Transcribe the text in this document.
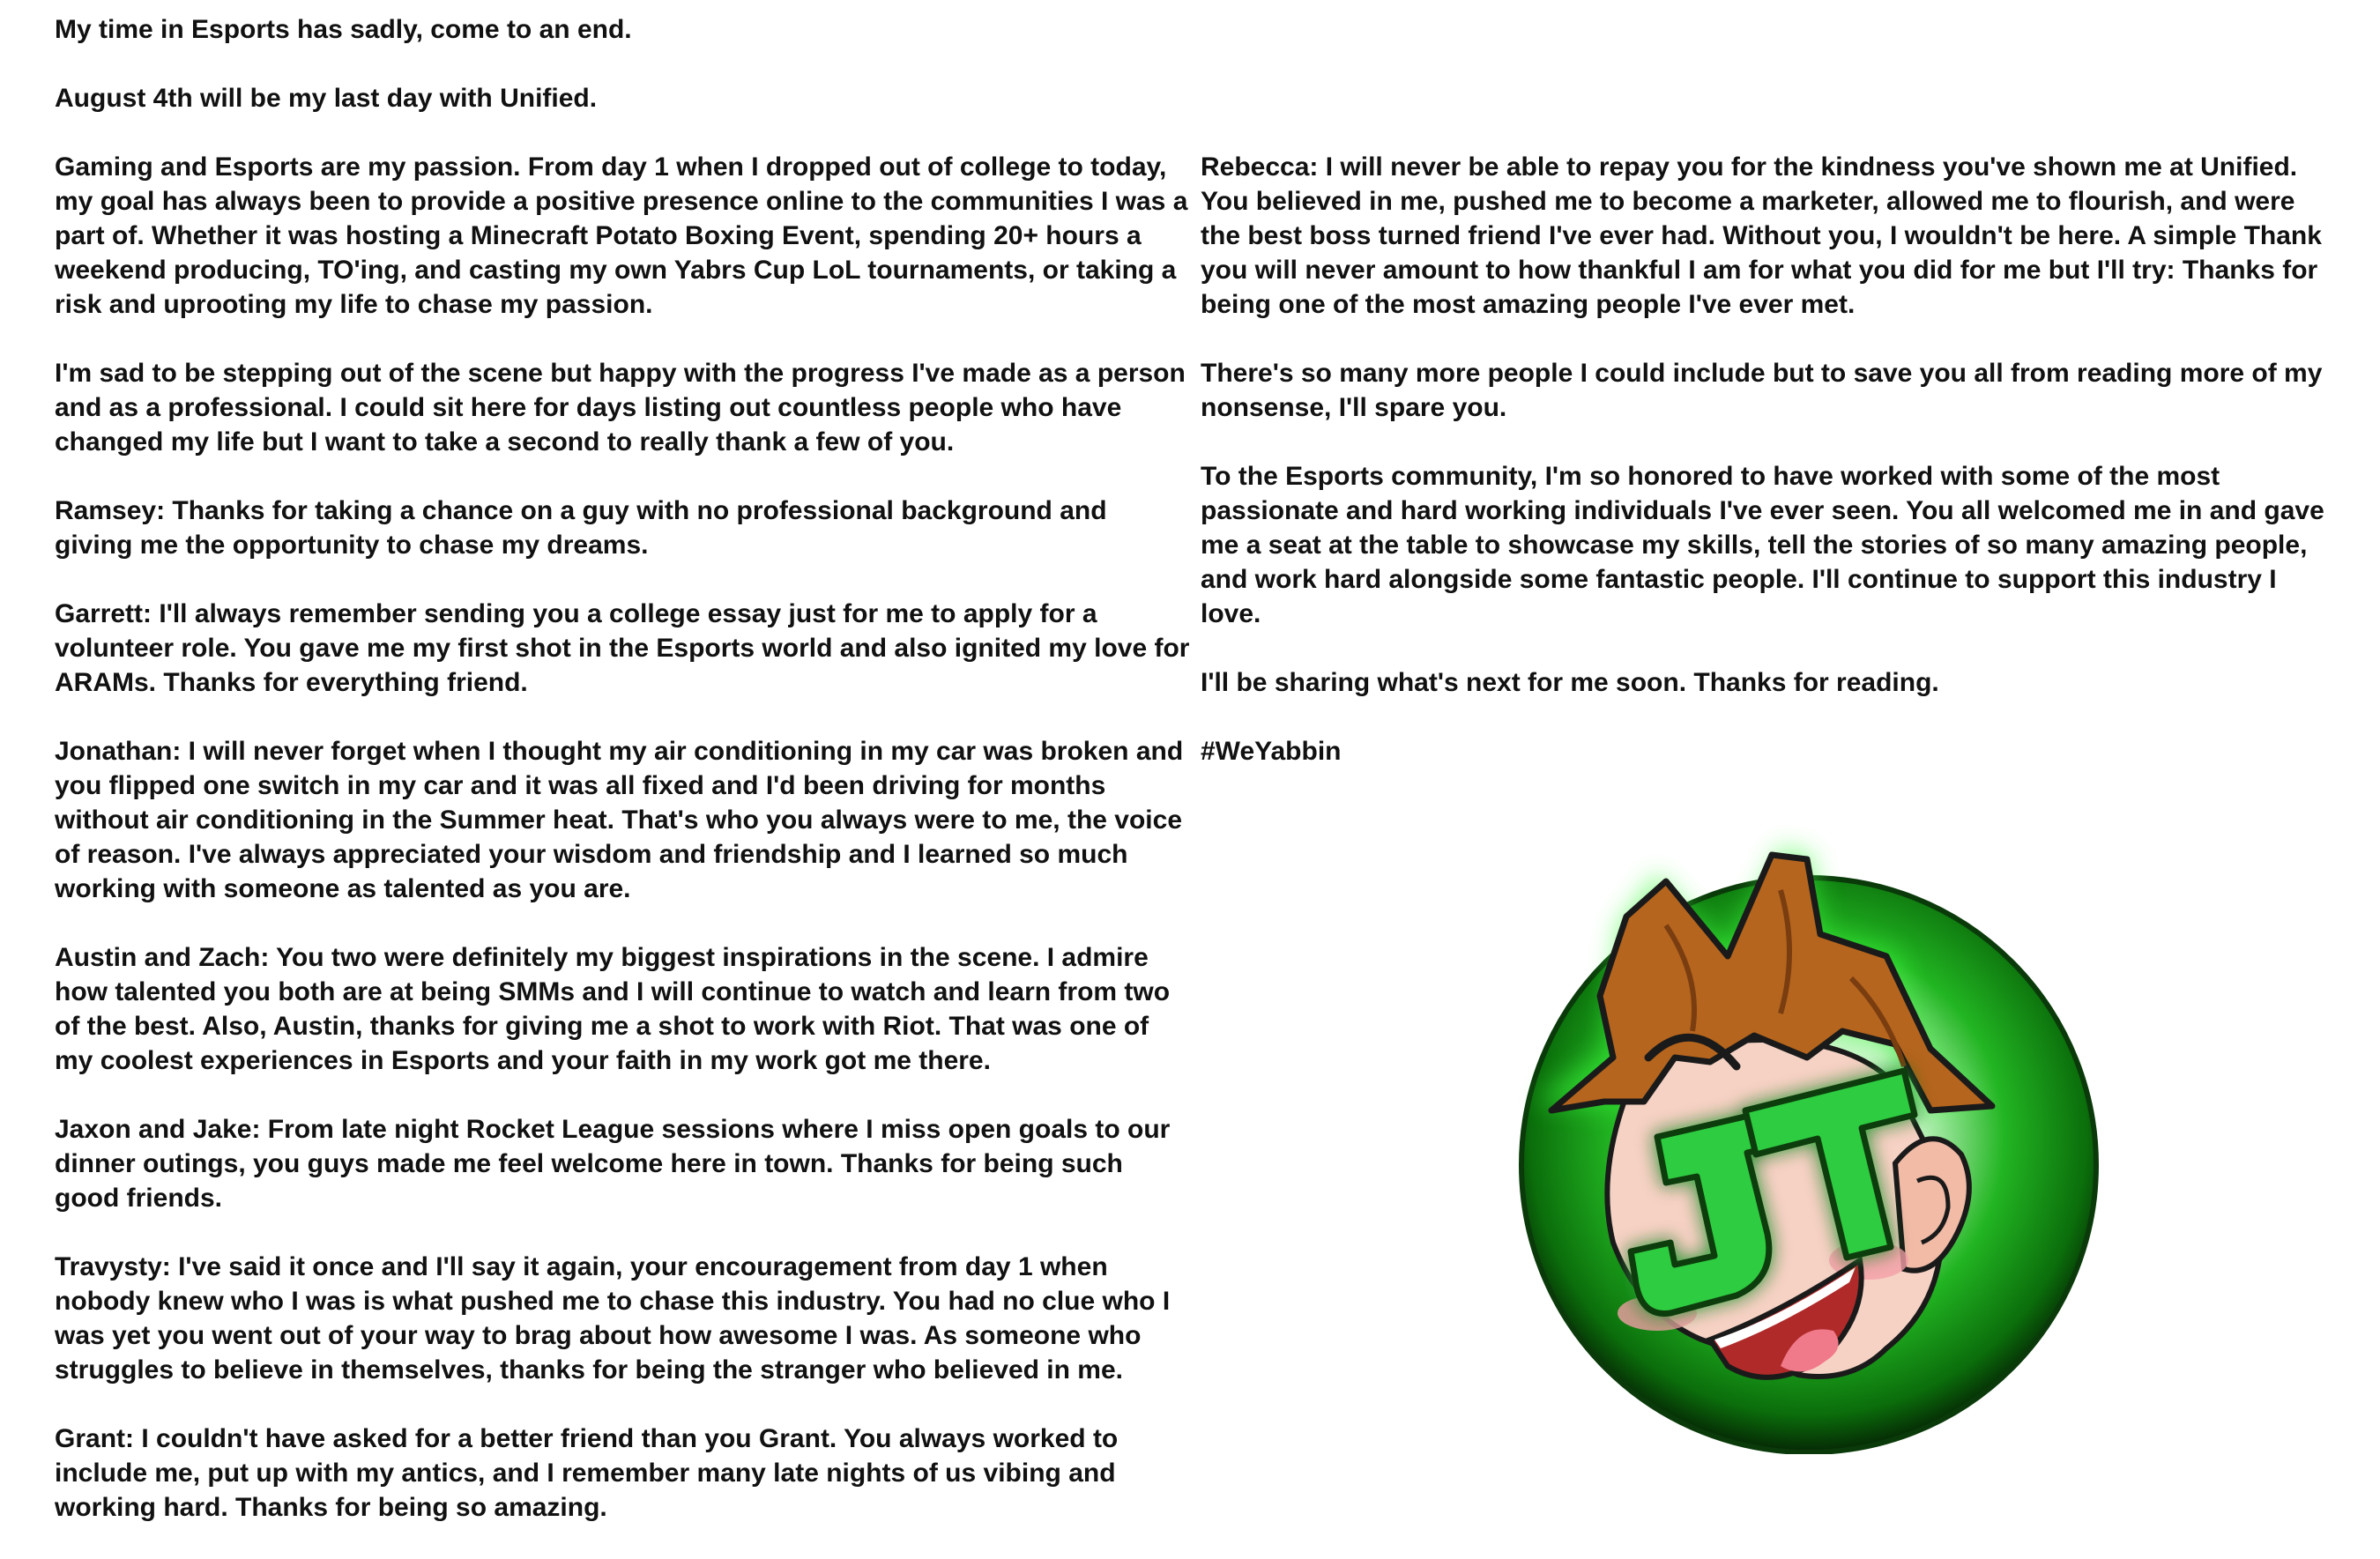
My time in Esports has sadly, come to an end.

August 4th will be my last day with Unified.

Gaming and Esports are my passion. From day 1 when I dropped out of college to today, my goal has always been to provide a positive presence online to the communities I was a part of. Whether it was hosting a Minecraft Potato Boxing Event, spending 20+ hours a weekend producing, TO'ing, and casting my own Yabrs Cup LoL tournaments, or taking a risk and uprooting my life to chase my passion.

I'm sad to be stepping out of the scene but happy with the progress I've made as a person and as a professional. I could sit here for days listing out countless people who have changed my life but I want to take a second to really thank a few of you.

Ramsey: Thanks for taking a chance on a guy with no professional background and giving me the opportunity to chase my dreams.

Garrett: I'll always remember sending you a college essay just for me to apply for a volunteer role. You gave me my first shot in the Esports world and also ignited my love for ARAMs. Thanks for everything friend.

Jonathan: I will never forget when I thought my air conditioning in my car was broken and you flipped one switch in my car and it was all fixed and I'd been driving for months without air conditioning in the Summer heat. That's who you always were to me, the voice of reason. I've always appreciated your wisdom and friendship and I learned so much working with someone as talented as you are.

Austin and Zach: You two were definitely my biggest inspirations in the scene. I admire how talented you both are at being SMMs and I will continue to watch and learn from two of the best. Also, Austin, thanks for giving me a shot to work with Riot. That was one of my coolest experiences in Esports and your faith in my work got me there.

Jaxon and Jake: From late night Rocket League sessions where I miss open goals to our dinner outings, you guys made me feel welcome here in town. Thanks for being such good friends.

Travysty: I've said it once and I'll say it again, your encouragement from day 1 when nobody knew who I was is what pushed me to chase this industry. You had no clue who I was yet you went out of your way to brag about how awesome I was. As someone who struggles to believe in themselves, thanks for being the stranger who believed in me.

Grant: I couldn't have asked for a better friend than you Grant. You always worked to include me, put up with my antics, and I remember many late nights of us vibing and working hard. Thanks for being so amazing.

Rebecca: I will never be able to repay you for the kindness you've shown me at Unified. You believed in me, pushed me to become a marketer, allowed me to flourish, and were the best boss turned friend I've ever had. Without you, I wouldn't be here. A simple Thank you will never amount to how thankful I am for what you did for me but I'll try: Thanks for being one of the most amazing people I've ever met.

There's so many more people I could include but to save you all from reading more of my nonsense, I'll spare you.

To the Esports community, I'm so honored to have worked with some of the most passionate and hard working individuals I've ever seen. You all welcomed me in and gave me a seat at the table to showcase my skills, tell the stories of so many amazing people, and work hard alongside some fantastic people. I'll continue to support this industry I love.

I'll be sharing what's next for me soon. Thanks for reading.

#WeYabbin
